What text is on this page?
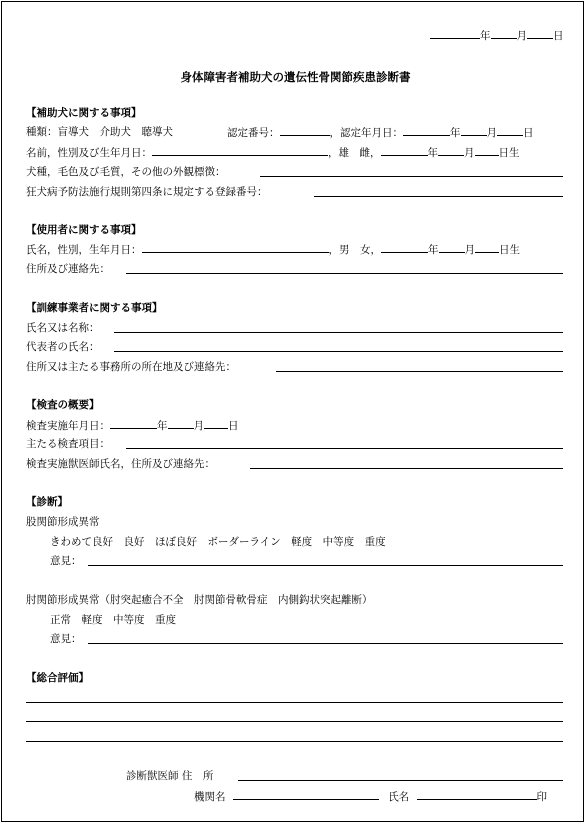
年 月 日
身体障害者補助犬の遺伝性骨関節疾患診断書
【補助犬に関する事項】
種類：盲導犬　介助犬　聴導犬	認定番号：	，認定年月日：	年 月 日
名前，性別及び生年月日：	，雄　雌，	年 月 日生
犬種，毛色及び毛質，その他の外観標徴：
狂犬病予防法施行規則第四条に規定する登録番号：
【使用者に関する事項】
氏名，性別，生年月日：	，男　女，	年 月 日生
住所及び連絡先：
【訓練事業者に関する事項】
氏名又は名称：
代表者の氏名：
住所又は主たる事務所の所在地及び連絡先：
【検査の概要】
検査実施年月日：	年 月 日
主たる検査項目：
検査実施獣医師氏名，住所及び連絡先：
【診断】
股関節形成異常
きわめて良好　良好　ほぼ良好　ボーダーライン　軽度　中等度　重度
意見：
肘関節形成異常（肘突起癒合不全　肘関節骨軟骨症　内側鈎状突起離断）
正常　軽度　中等度　重度
意見：
【総合評価】
診断獣医師 住　所
機関名	氏名	印
